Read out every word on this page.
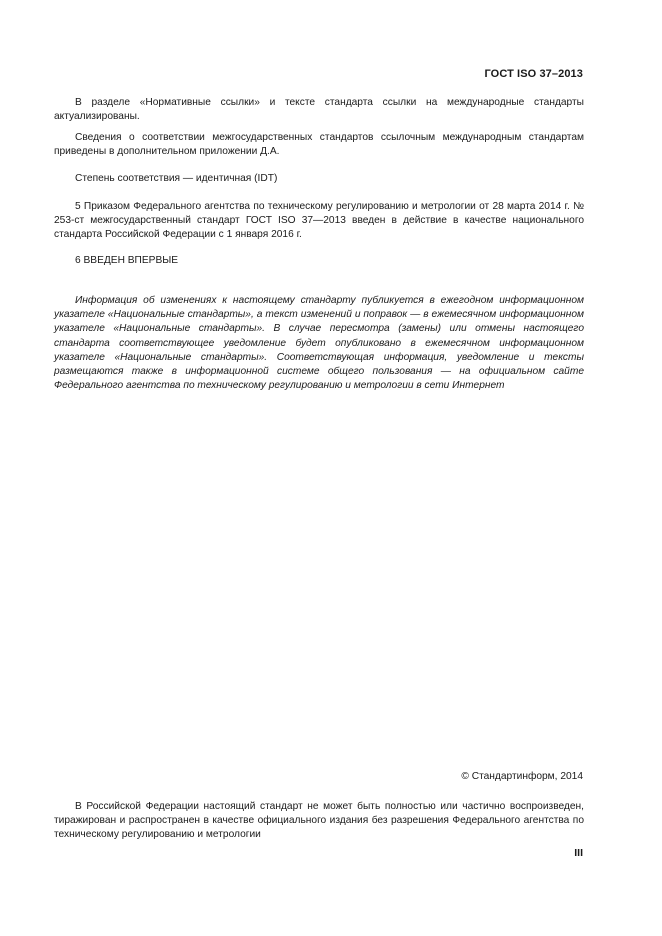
ГОСТ ISO 37–2013

В разделе «Нормативные ссылки» и тексте стандарта ссылки на международные стандарты актуализированы.

Сведения о соответствии межгосударственных стандартов ссылочным международным стандартам приведены в дополнительном приложении Д.А.

Степень соответствия — идентичная (IDT)

5 Приказом Федерального агентства по техническому регулированию и метрологии от 28 марта 2014 г. № 253-ст межгосударственный стандарт ГОСТ ISO 37—2013 введен в действие в качестве национального стандарта Российской Федерации с 1 января 2016 г.

6 ВВЕДЕН ВПЕРВЫЕ

Информация об изменениях к настоящему стандарту публикуется в ежегодном информационном указателе «Национальные стандарты», а текст изменений и поправок — в ежемесячном информационном указателе «Национальные стандарты». В случае пересмотра (замены) или отмены настоящего стандарта соответствующее уведомление будет опубликовано в ежемесячном информационном указателе «Национальные стандарты». Соответствующая информация, уведомление и тексты размещаются также в информационной системе общего пользования — на официальном сайте Федерального агентства по техническому регулированию и метрологии в сети Интернет

© Стандартинформ, 2014

В Российской Федерации настоящий стандарт не может быть полностью или частично воспроизведен, тиражирован и распространен в качестве официального издания без разрешения Федерального агентства по техническому регулированию и метрологии

III
